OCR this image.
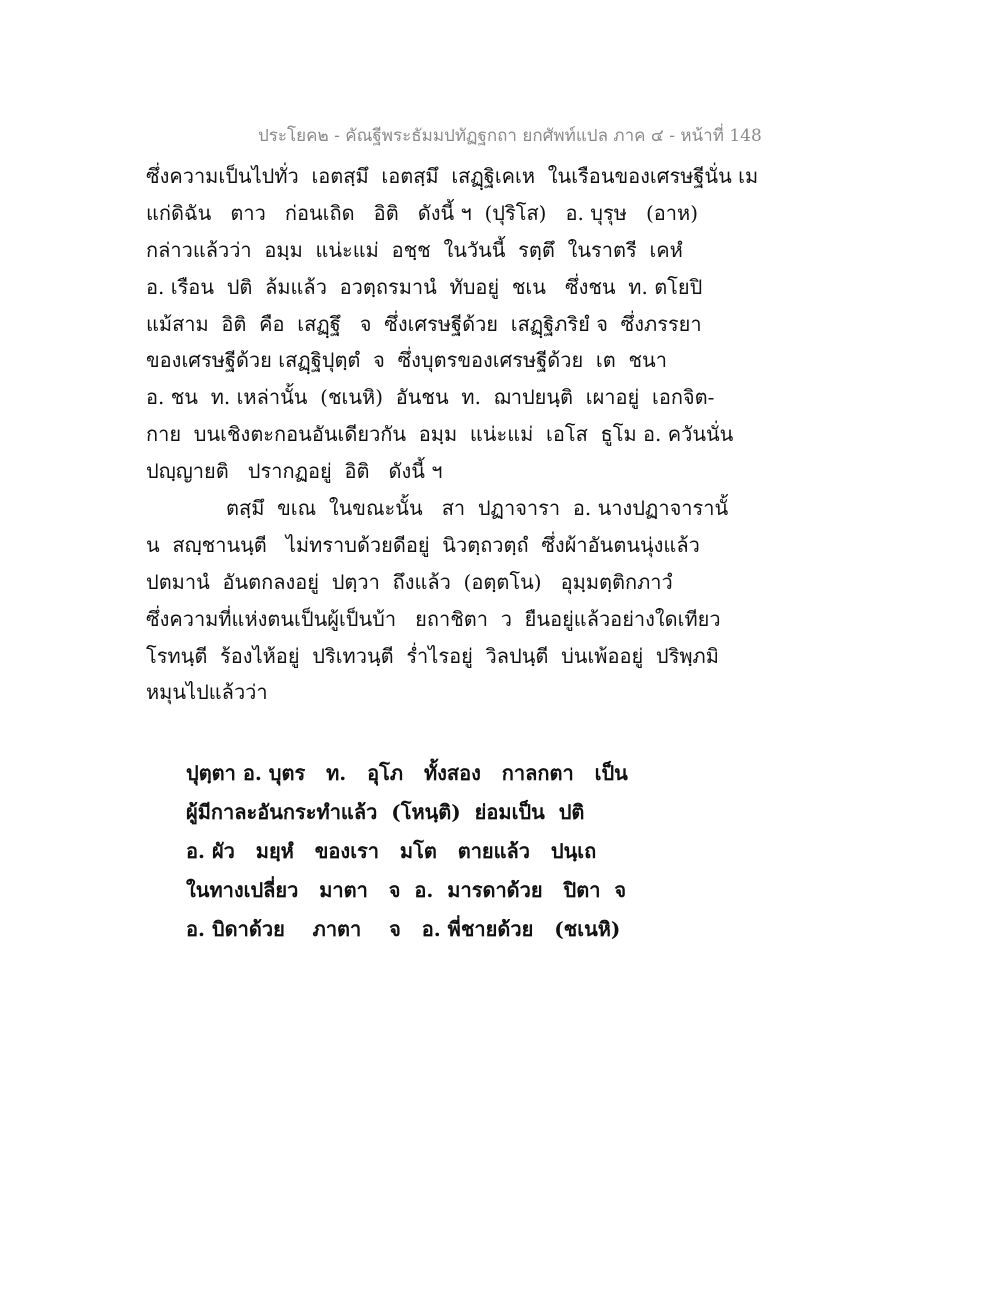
ประโยค๒ - คัณฐีพระธัมมปทัฏฐกถา ยกศัพท์แปล ภาค ๔ - หน้าที่ 148
ซึ่งความเป็นไปทั่ว  เอตสฺมึ  เอตสฺมึ  เสฏฺฐิเคเห  ในเรือนของเศรษฐีนั่น เม
แก่ดิฉัน   ตาว   ก่อนเถิด   อิติ   ดังนี้ ฯ  (ปุริโส)   อ. บุรุษ   (อาห)
กล่าวแล้วว่า  อมฺม  แน่ะแม่  อชฺช  ในวันนี้  รตฺตึ  ในราตรี  เคหํ
อ. เรือน  ปติ  ล้มแล้ว  อวตฺถรมานํ  ทับอยู่  ชเน   ซึ่งชน  ท. ตโยปิ
แม้สาม  อิติ  คือ  เสฏฺฐึ   จ  ซึ่งเศรษฐีด้วย  เสฏฺฐิภริยํ จ  ซึ่งภรรยา
ของเศรษฐีด้วย เสฏฺฐิปุตฺตํ  จ  ซึ่งบุตรของเศรษฐีด้วย  เต  ชนา
อ. ชน  ท. เหล่านั้น  (ชเนหิ)  อันชน  ท.  ฌาปยนฺติ  เผาอยู่  เอกจิต-
กาย  บนเชิงตะกอนอันเดียวกัน  อมฺม  แน่ะแม่  เอโส  ธูโม อ. ควันนั่น
ปญฺญายติ   ปรากฏอยู่  อิติ   ดังนี้ ฯ
ตสฺมึ  ขเณ  ในขณะนั้น   สา  ปฏาจารา  อ. นางปฏาจารานั้
น  สญฺชานนฺตี   ไม่ทราบด้วยดีอยู่  นิวตฺถวตฺถํ  ซึ่งผ้าอันตนนุ่งแล้ว
ปตมานํ  อันตกลงอยู่  ปตฺวา  ถึงแล้ว  (อตฺตโน)   อุมฺมตฺติกภาวํ
ซึ่งความที่แห่งตนเป็นผู้เป็นบ้า   ยถาชิตา  ว  ยืนอยู่แล้วอย่างใดเทียว
โรทนฺตี  ร้องไห้อยู่  ปริเทวนฺตี  ร่ำไรอยู่  วิลปนฺตี  บ่นเพ้ออยู่  ปริพฺภมิ
หมุนไปแล้วว่า
ปุตฺตา อ. บุตร   ท.   อุโภ   ทั้งสอง   กาลกตา   เป็น
ผู้มีกาละอันกระทำแล้ว  (โหนฺติ)  ย่อมเป็น  ปติ
อ. ผัว   มยฺหํ   ของเรา   มโต   ตายแล้ว   ปนฺเถ
ในทางเปลี่ยว   มาตา   จ  อ.  มารดาด้วย   ปิตา  จ
อ. บิดาด้วย    ภาตา    จ   อ. พี่ชายด้วย   (ชเนหิ)
